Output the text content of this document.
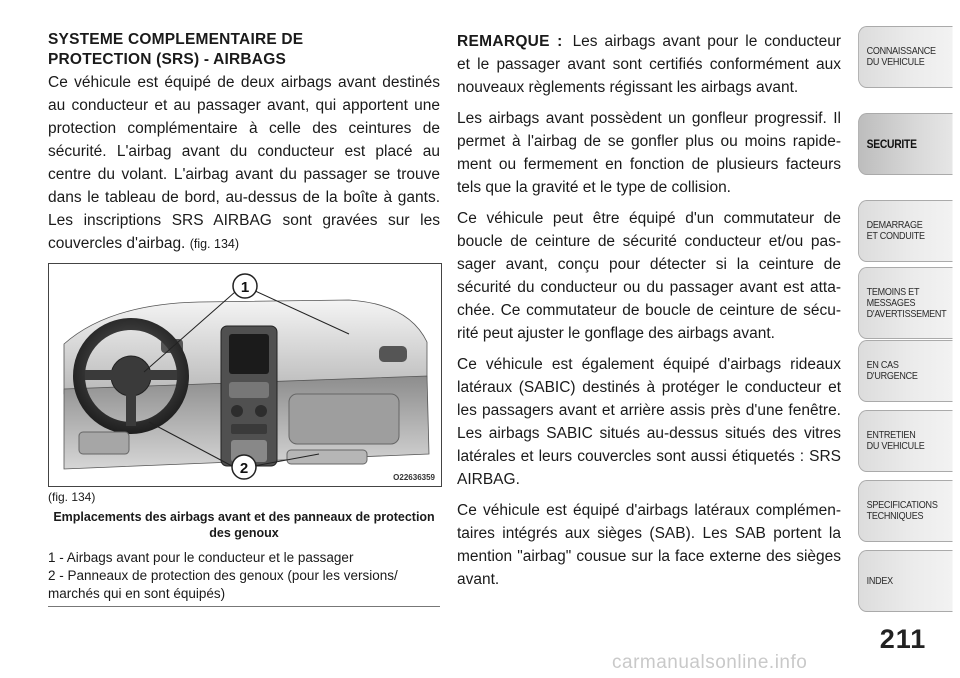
SYSTEME COMPLEMENTAIRE DE
PROTECTION (SRS) - AIRBAGS

Ce véhicule est équipé de deux airbags avant destinés au conducteur et au passager avant, qui apportent une protection complémentaire à celle des ceintures de sécurité. L'airbag avant du conducteur est placé au centre du volant. L'airbag avant du passager se trouve dans le tableau de bord, au-dessus de la boîte à gants. Les inscriptions SRS AIRBAG sont gravées sur les couvercles d'airbag. (fig. 134)

1
2
O22636359
(fig. 134)
Emplacements des airbags avant et des panneaux de protection des genoux
1 - Airbags avant pour le conducteur et le passager
2 - Panneaux de protection des genoux (pour les versions/ marchés qui en sont équipés)

REMARQUE : Les airbags avant pour le conducteur et le passager avant sont certifiés conformément aux nouveaux règlements régissant les airbags avant.

Les airbags avant possèdent un gonfleur progressif. Il permet à l'airbag de se gonfler plus ou moins rapide-ment ou fermement en fonction de plusieurs facteurs tels que la gravité et le type de collision.

Ce véhicule peut être équipé d'un commutateur de boucle de ceinture de sécurité conducteur et/ou pas-sager avant, conçu pour détecter si la ceinture de sécurité du conducteur ou du passager avant est atta-chée. Ce commutateur de boucle de ceinture de sécu-rité peut ajuster le gonflage des airbags avant.

Ce véhicule est également équipé d'airbags rideaux latéraux (SABIC) destinés à protéger le conducteur et les passagers avant et arrière assis près d'une fenêtre. Les airbags SABIC situés au-dessus situés des vitres latérales et leurs couvercles sont aussi étiquetés : SRS AIRBAG.

Ce véhicule est équipé d'airbags latéraux complémen-taires intégrés aux sièges (SAB). Les SAB portent la mention "airbag" cousue sur la face externe des sièges avant.

CONNAISSANCE
DU VEHICULE
SECURITE
DEMARRAGE
ET CONDUITE
TEMOINS ET
MESSAGES
D'AVERTISSEMENT
EN CAS
D'URGENCE
ENTRETIEN
DU VEHICULE
SPECIFICATIONS
TECHNIQUES
INDEX
211
carmanualsonline.info
